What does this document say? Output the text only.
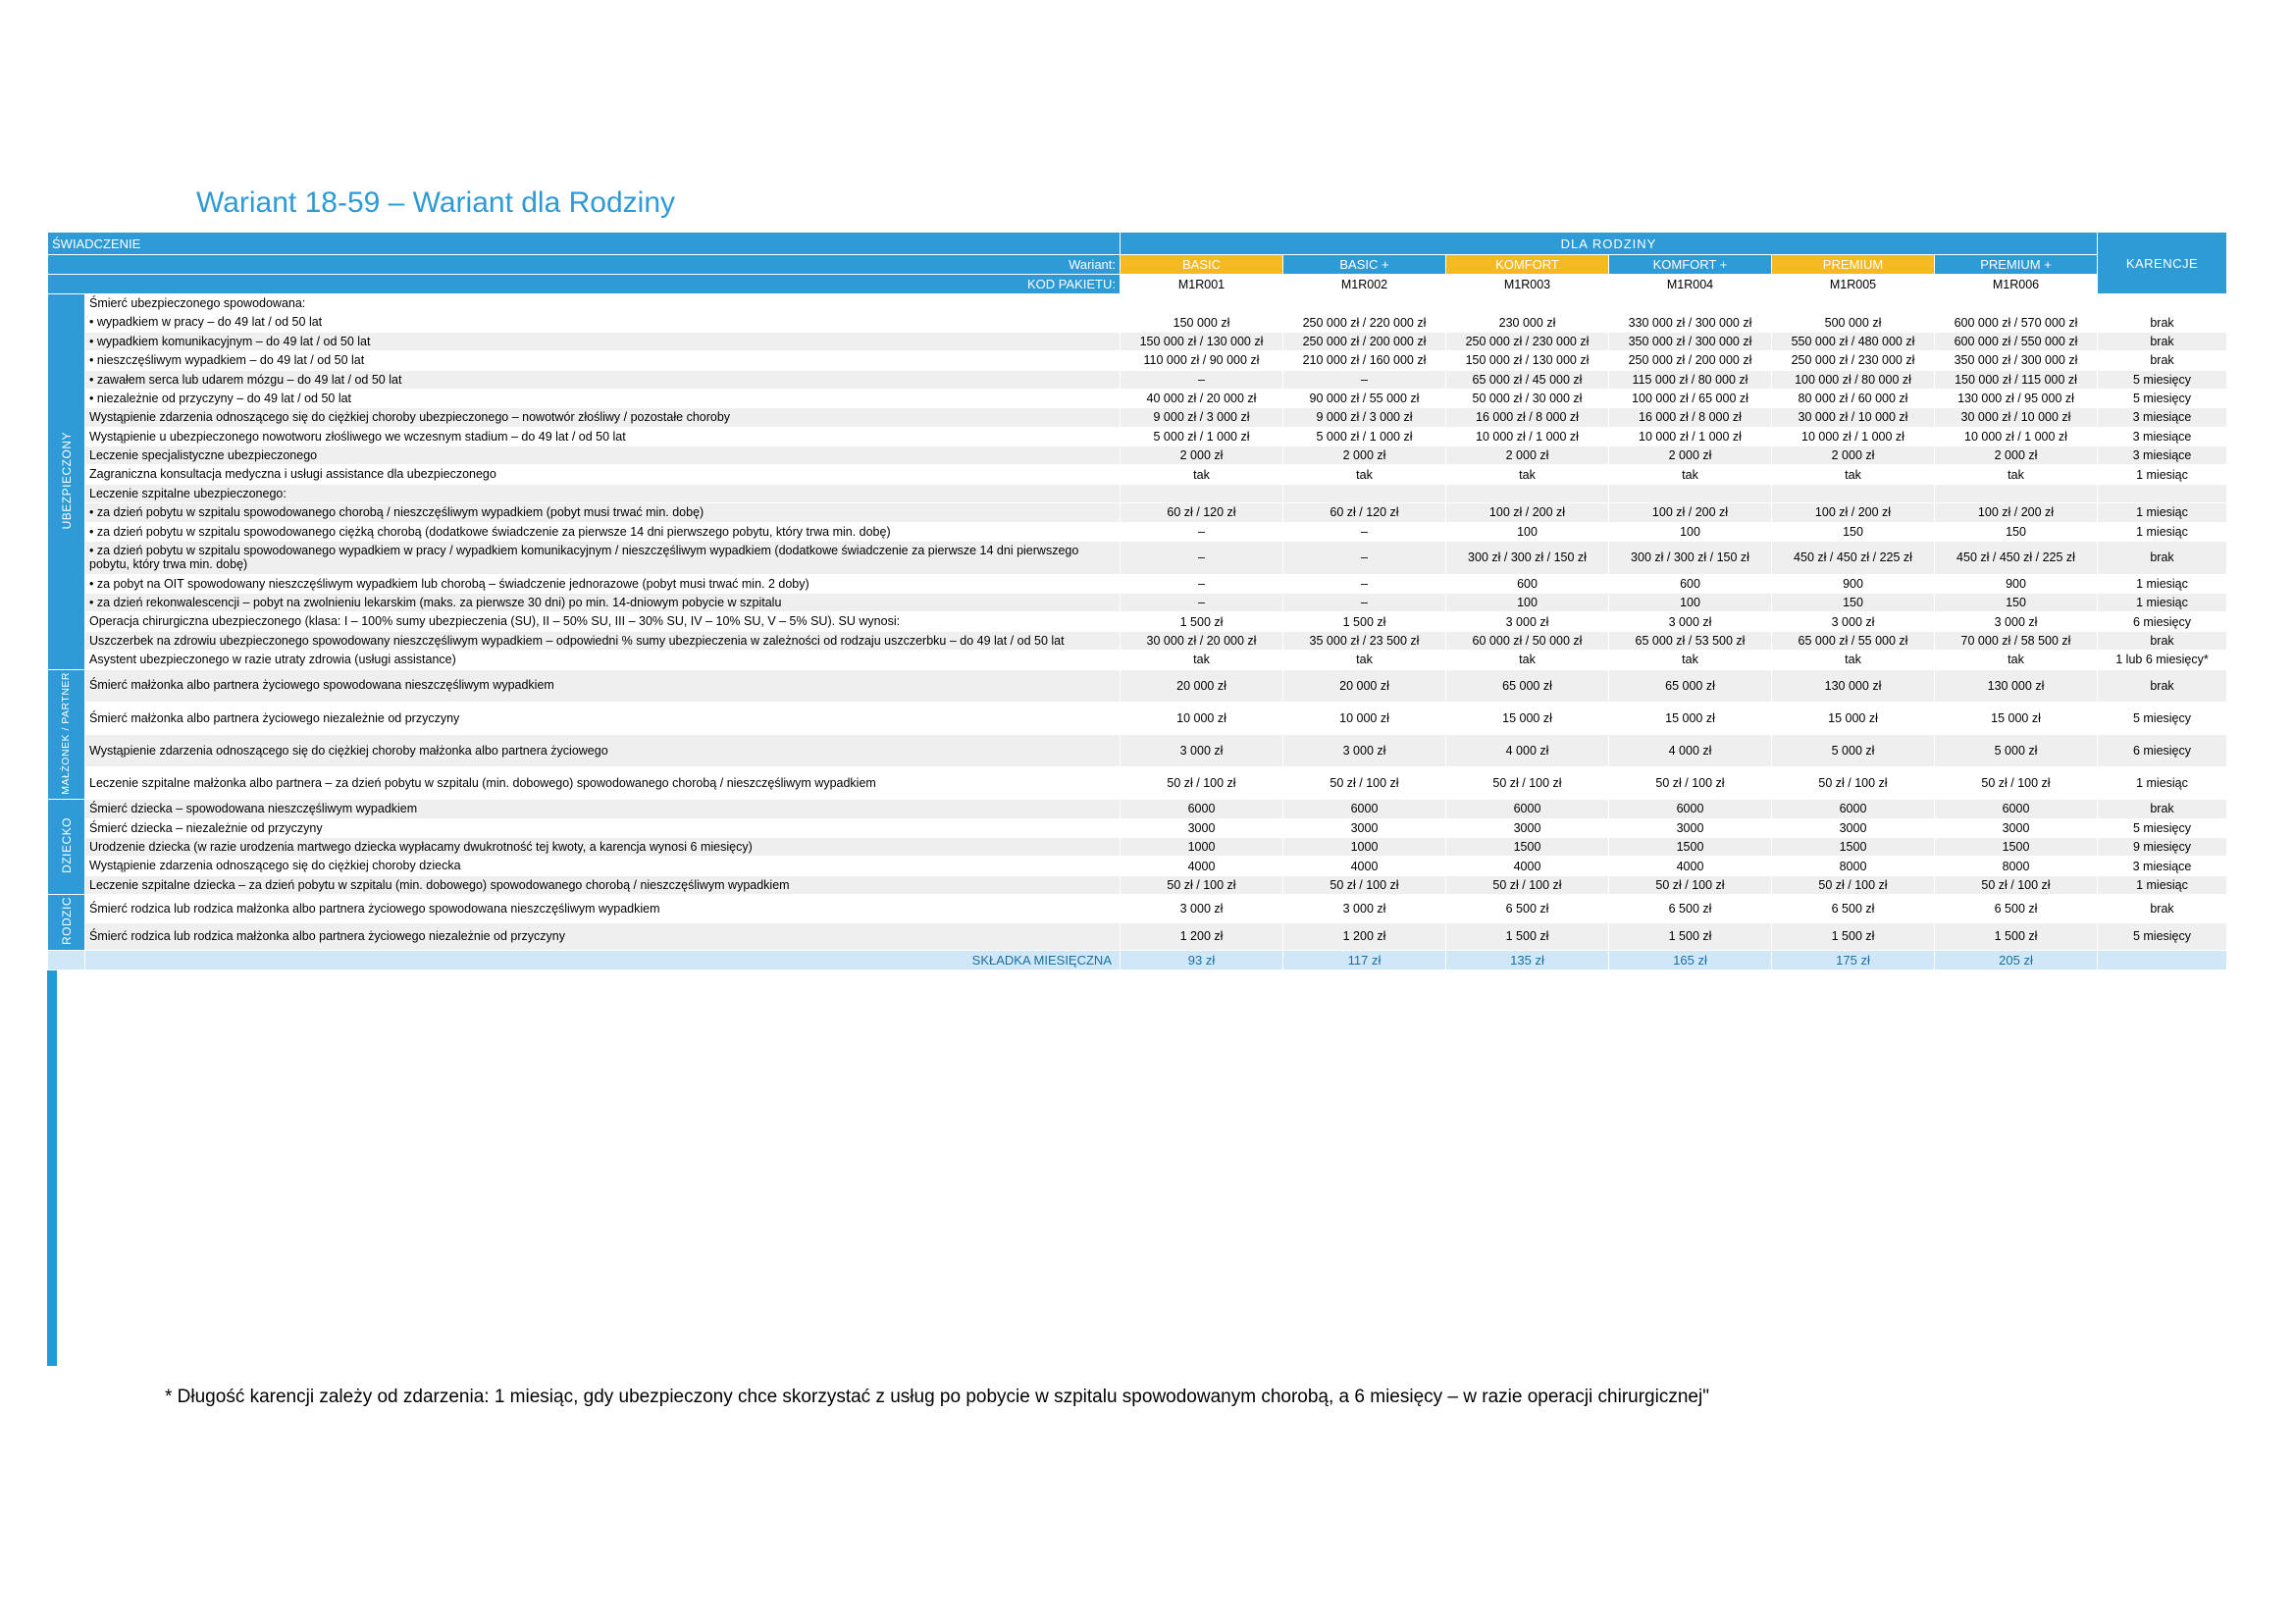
Wariant 18-59 – Wariant dla Rodziny
ŚWIADCZENIE		DLA RODZINY						KARENCJE
Wariant:		BASIC	BASIC +	KOMFORT	KOMFORT +	PREMIUM	PREMIUM +	
KOD PAKIETU:		M1R001	M1R002	M1R003	M1R004	M1R005	M1R006	
UBEZPIECZONY	Śmierć ubezpieczonego spowodowana:							
	• wypadkiem w pracy – do 49 lat / od 50 lat	150 000 zł	250 000 zł / 220 000 zł	230 000 zł	330 000 zł / 300 000 zł	500 000 zł	600 000 zł / 570 000 zł	brak
	• wypadkiem komunikacyjnym – do 49 lat / od 50 lat	150 000 zł / 130 000 zł	250 000 zł / 200 000 zł	250 000 zł / 230 000 zł	350 000 zł / 300 000 zł	550 000 zł / 480 000 zł	600 000 zł / 550 000 zł	brak
	• nieszczęśliwym wypadkiem – do 49 lat / od 50 lat	110 000 zł / 90 000 zł	210 000 zł / 160 000 zł	150 000 zł / 130 000 zł	250 000 zł / 200 000 zł	250 000 zł / 230 000 zł	350 000 zł / 300 000 zł	brak
	• zawałem serca lub udarem mózgu – do 49 lat / od 50 lat	–	–	65 000 zł / 45 000 zł	115 000 zł / 80 000 zł	100 000 zł / 80 000 zł	150 000 zł / 115 000 zł	5 miesięcy
	• niezależnie od przyczyny – do 49 lat / od 50 lat	40 000 zł / 20 000 zł	90 000 zł / 55 000 zł	50 000 zł / 30 000 zł	100 000 zł / 65 000 zł	80 000 zł / 60 000 zł	130 000 zł / 95 000 zł	5 miesięcy
	Wystąpienie zdarzenia odnoszącego się do ciężkiej choroby ubezpieczonego – nowotwór złośliwy / pozostałe choroby	9 000 zł / 3 000 zł	9 000 zł / 3 000 zł	16 000 zł / 8 000 zł	16 000 zł / 8 000 zł	30 000 zł / 10 000 zł	30 000 zł / 10 000 zł	3 miesiące
	Wystąpienie u ubezpieczonego nowotworu złośliwego we wczesnym stadium – do 49 lat / od 50 lat	5 000 zł / 1 000 zł	5 000 zł / 1 000 zł	10 000 zł / 1 000 zł	10 000 zł / 1 000 zł	10 000 zł / 1 000 zł	10 000 zł / 1 000 zł	3 miesiące
	Leczenie specjalistyczne ubezpieczonego	2 000 zł	2 000 zł	2 000 zł	2 000 zł	2 000 zł	2 000 zł	3 miesiące
	Zagraniczna konsultacja medyczna i usługi assistance dla ubezpieczonego	tak	tak	tak	tak	tak	tak	1 miesiąc
	Leczenie szpitalne ubezpieczonego:							
	• za dzień pobytu w szpitalu spowodowanego chorobą / nieszczęśliwym wypadkiem (pobyt musi trwać min. dobę)	60 zł / 120 zł	60 zł / 120 zł	100 zł / 200 zł	100 zł / 200 zł	100 zł / 200 zł	100 zł / 200 zł	1 miesiąc
	• za dzień pobytu w szpitalu spowodowanego ciężką chorobą (dodatkowe świadczenie za pierwsze 14 dni pierwszego pobytu, który trwa min. dobę)	–	–	100	100	150	150	1 miesiąc
	• za dzień pobytu w szpitalu spowodowanego wypadkiem w pracy / wypadkiem komunikacyjnym / nieszczęśliwym wypadkiem (dodatkowe świadczenie za pierwsze 14 dni pierwszego pobytu, który trwa min. dobę)	–	–	300 zł / 300 zł / 150 zł	300 zł / 300 zł / 150 zł	450 zł / 450 zł / 225 zł	450 zł / 450 zł / 225 zł	brak
	• za pobyt na OIT spowodowany nieszczęśliwym wypadkiem lub chorobą – świadczenie jednorazowe (pobyt musi trwać min. 2 doby)	–	–	600	600	900	900	1 miesiąc
	• za dzień rekonwalescencji – pobyt na zwolnieniu lekarskim (maks. za pierwsze 30 dni) po min. 14-dniowym pobycie w szpitalu	–	–	100	100	150	150	1 miesiąc
	Operacja chirurgiczna ubezpieczonego (klasa: I – 100% sumy ubezpieczenia (SU), II – 50% SU, III – 30% SU, IV – 10% SU, V – 5% SU). SU wynosi:	1 500 zł	1 500 zł	3 000 zł	3 000 zł	3 000 zł	3 000 zł	6 miesięcy
	Uszczerbek na zdrowiu ubezpieczonego spowodowany nieszczęśliwym wypadkiem – odpowiedni % sumy ubezpieczenia w zależności od rodzaju uszczerbku – do 49 lat / od 50 lat	30 000 zł / 20 000 zł	35 000 zł / 23 500 zł	60 000 zł / 50 000 zł	65 000 zł / 53 500 zł	65 000 zł / 55 000 zł	70 000 zł / 58 500 zł	brak
	Asystent ubezpieczonego w razie utraty zdrowia (usługi assistance)	tak	tak	tak	tak	tak	tak	1 lub 6 miesięcy*
MAŁŻONEK / PARTNER	Śmierć małżonka albo partnera życiowego spowodowana nieszczęśliwym wypadkiem	20 000 zł	20 000 zł	65 000 zł	65 000 zł	130 000 zł	130 000 zł	brak
	Śmierć małżonka albo partnera życiowego niezależnie od przyczyny	10 000 zł	10 000 zł	15 000 zł	15 000 zł	15 000 zł	15 000 zł	5 miesięcy
	Wystąpienie zdarzenia odnoszącego się do ciężkiej choroby małżonka albo partnera życiowego	3 000 zł	3 000 zł	4 000 zł	4 000 zł	5 000 zł	5 000 zł	6 miesięcy
	Leczenie szpitalne małżonka albo partnera – za dzień pobytu w szpitalu (min. dobowego) spowodowanego chorobą / nieszczęśliwym wypadkiem	50 zł / 100 zł	50 zł / 100 zł	50 zł / 100 zł	50 zł / 100 zł	50 zł / 100 zł	50 zł / 100 zł	1 miesiąc
DZIECKO	Śmierć dziecka – spowodowana nieszczęśliwym wypadkiem	6000	6000	6000	6000	6000	6000	brak
	Śmierć dziecka – niezależnie od przyczyny	3000	3000	3000	3000	3000	3000	5 miesięcy
	Urodzenie dziecka (w razie urodzenia martwego dziecka wypłacamy dwukrotność tej kwoty, a karencja wynosi 6 miesięcy)	1000	1000	1500	1500	1500	1500	9 miesięcy
	Wystąpienie zdarzenia odnoszącego się do ciężkiej choroby dziecka	4000	4000	4000	4000	8000	8000	3 miesiące
	Leczenie szpitalne dziecka – za dzień pobytu w szpitalu (min. dobowego) spowodowanego chorobą / nieszczęśliwym wypadkiem	50 zł / 100 zł	50 zł / 100 zł	50 zł / 100 zł	50 zł / 100 zł	50 zł / 100 zł	50 zł / 100 zł	1 miesiąc
RODZIC	Śmierć rodzica lub rodzica małżonka albo partnera życiowego spowodowana nieszczęśliwym wypadkiem	3 000 zł	3 000 zł	6 500 zł	6 500 zł	6 500 zł	6 500 zł	brak
	Śmierć rodzica lub rodzica małżonka albo partnera życiowego niezależnie od przyczyny	1 200 zł	1 200 zł	1 500 zł	1 500 zł	1 500 zł	1 500 zł	5 miesięcy
	SKŁADKA MIESIĘCZNA	93 zł	117 zł	135 zł	165 zł	175 zł	205 zł	
* Długość karencji zależy od zdarzenia: 1 miesiąc, gdy ubezpieczony chce skorzystać z usług po pobycie w szpitalu spowodowanym chorobą, a 6 miesięcy – w razie operacji chirurgicznej"
